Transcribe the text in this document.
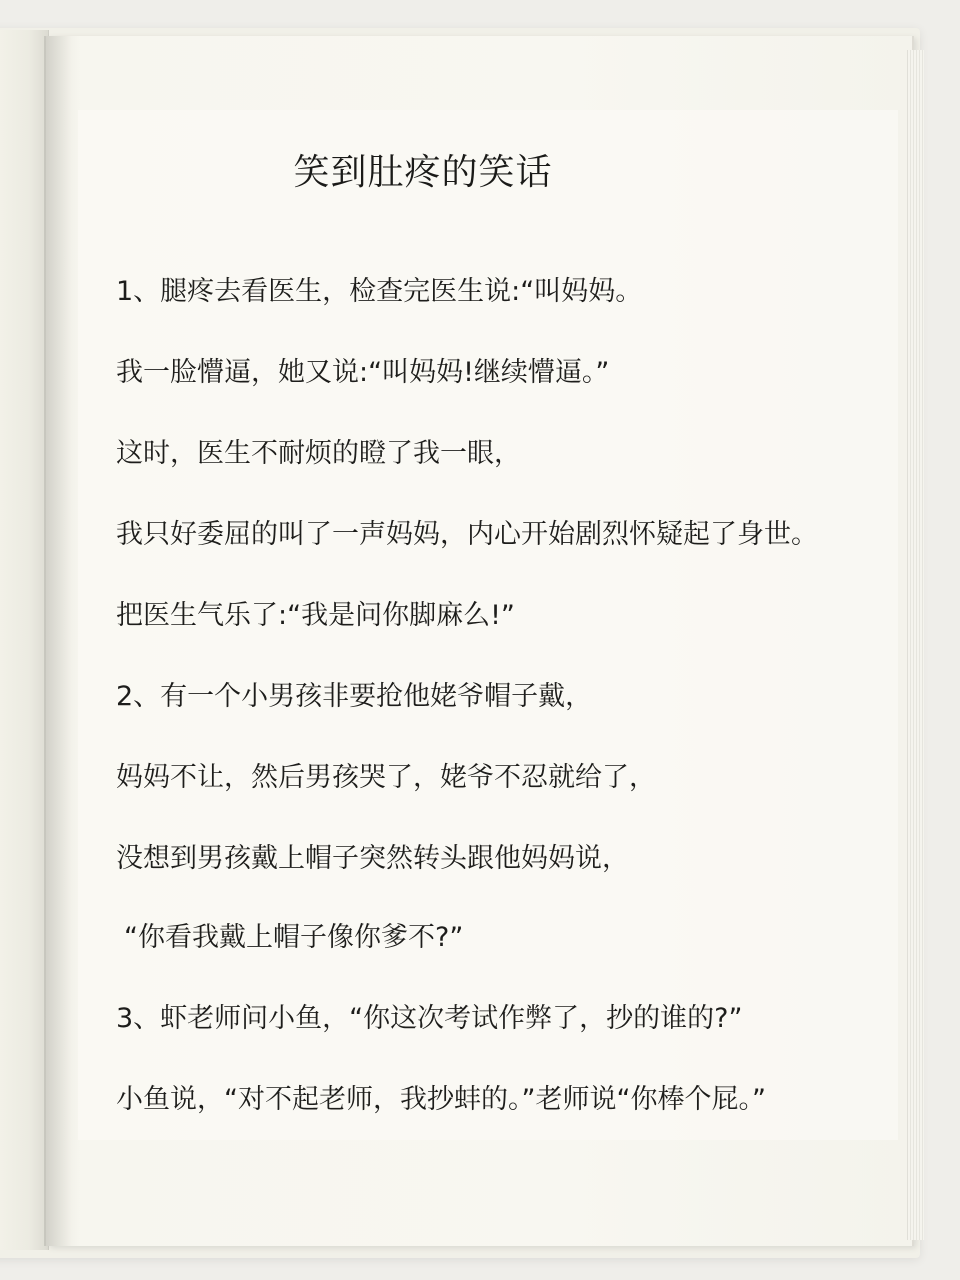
笑到肚疼的笑话

1、腿疼去看医生，检查完医生说:“叫妈妈。

我一脸懵逼，她又说:“叫妈妈!继续懵逼。”

这时，医生不耐烦的瞪了我一眼，

我只好委屈的叫了一声妈妈，内心开始剧烈怀疑起了身世。

把医生气乐了:“我是问你脚麻么!”

2、有一个小男孩非要抢他姥爷帽子戴，

妈妈不让，然后男孩哭了，姥爷不忍就给了，

没想到男孩戴上帽子突然转头跟他妈妈说，

“你看我戴上帽子像你爹不?”

3、虾老师问小鱼，“你这次考试作弊了，抄的谁的?”

小鱼说，“对不起老师，我抄蚌的。”老师说“你棒个屁。”
